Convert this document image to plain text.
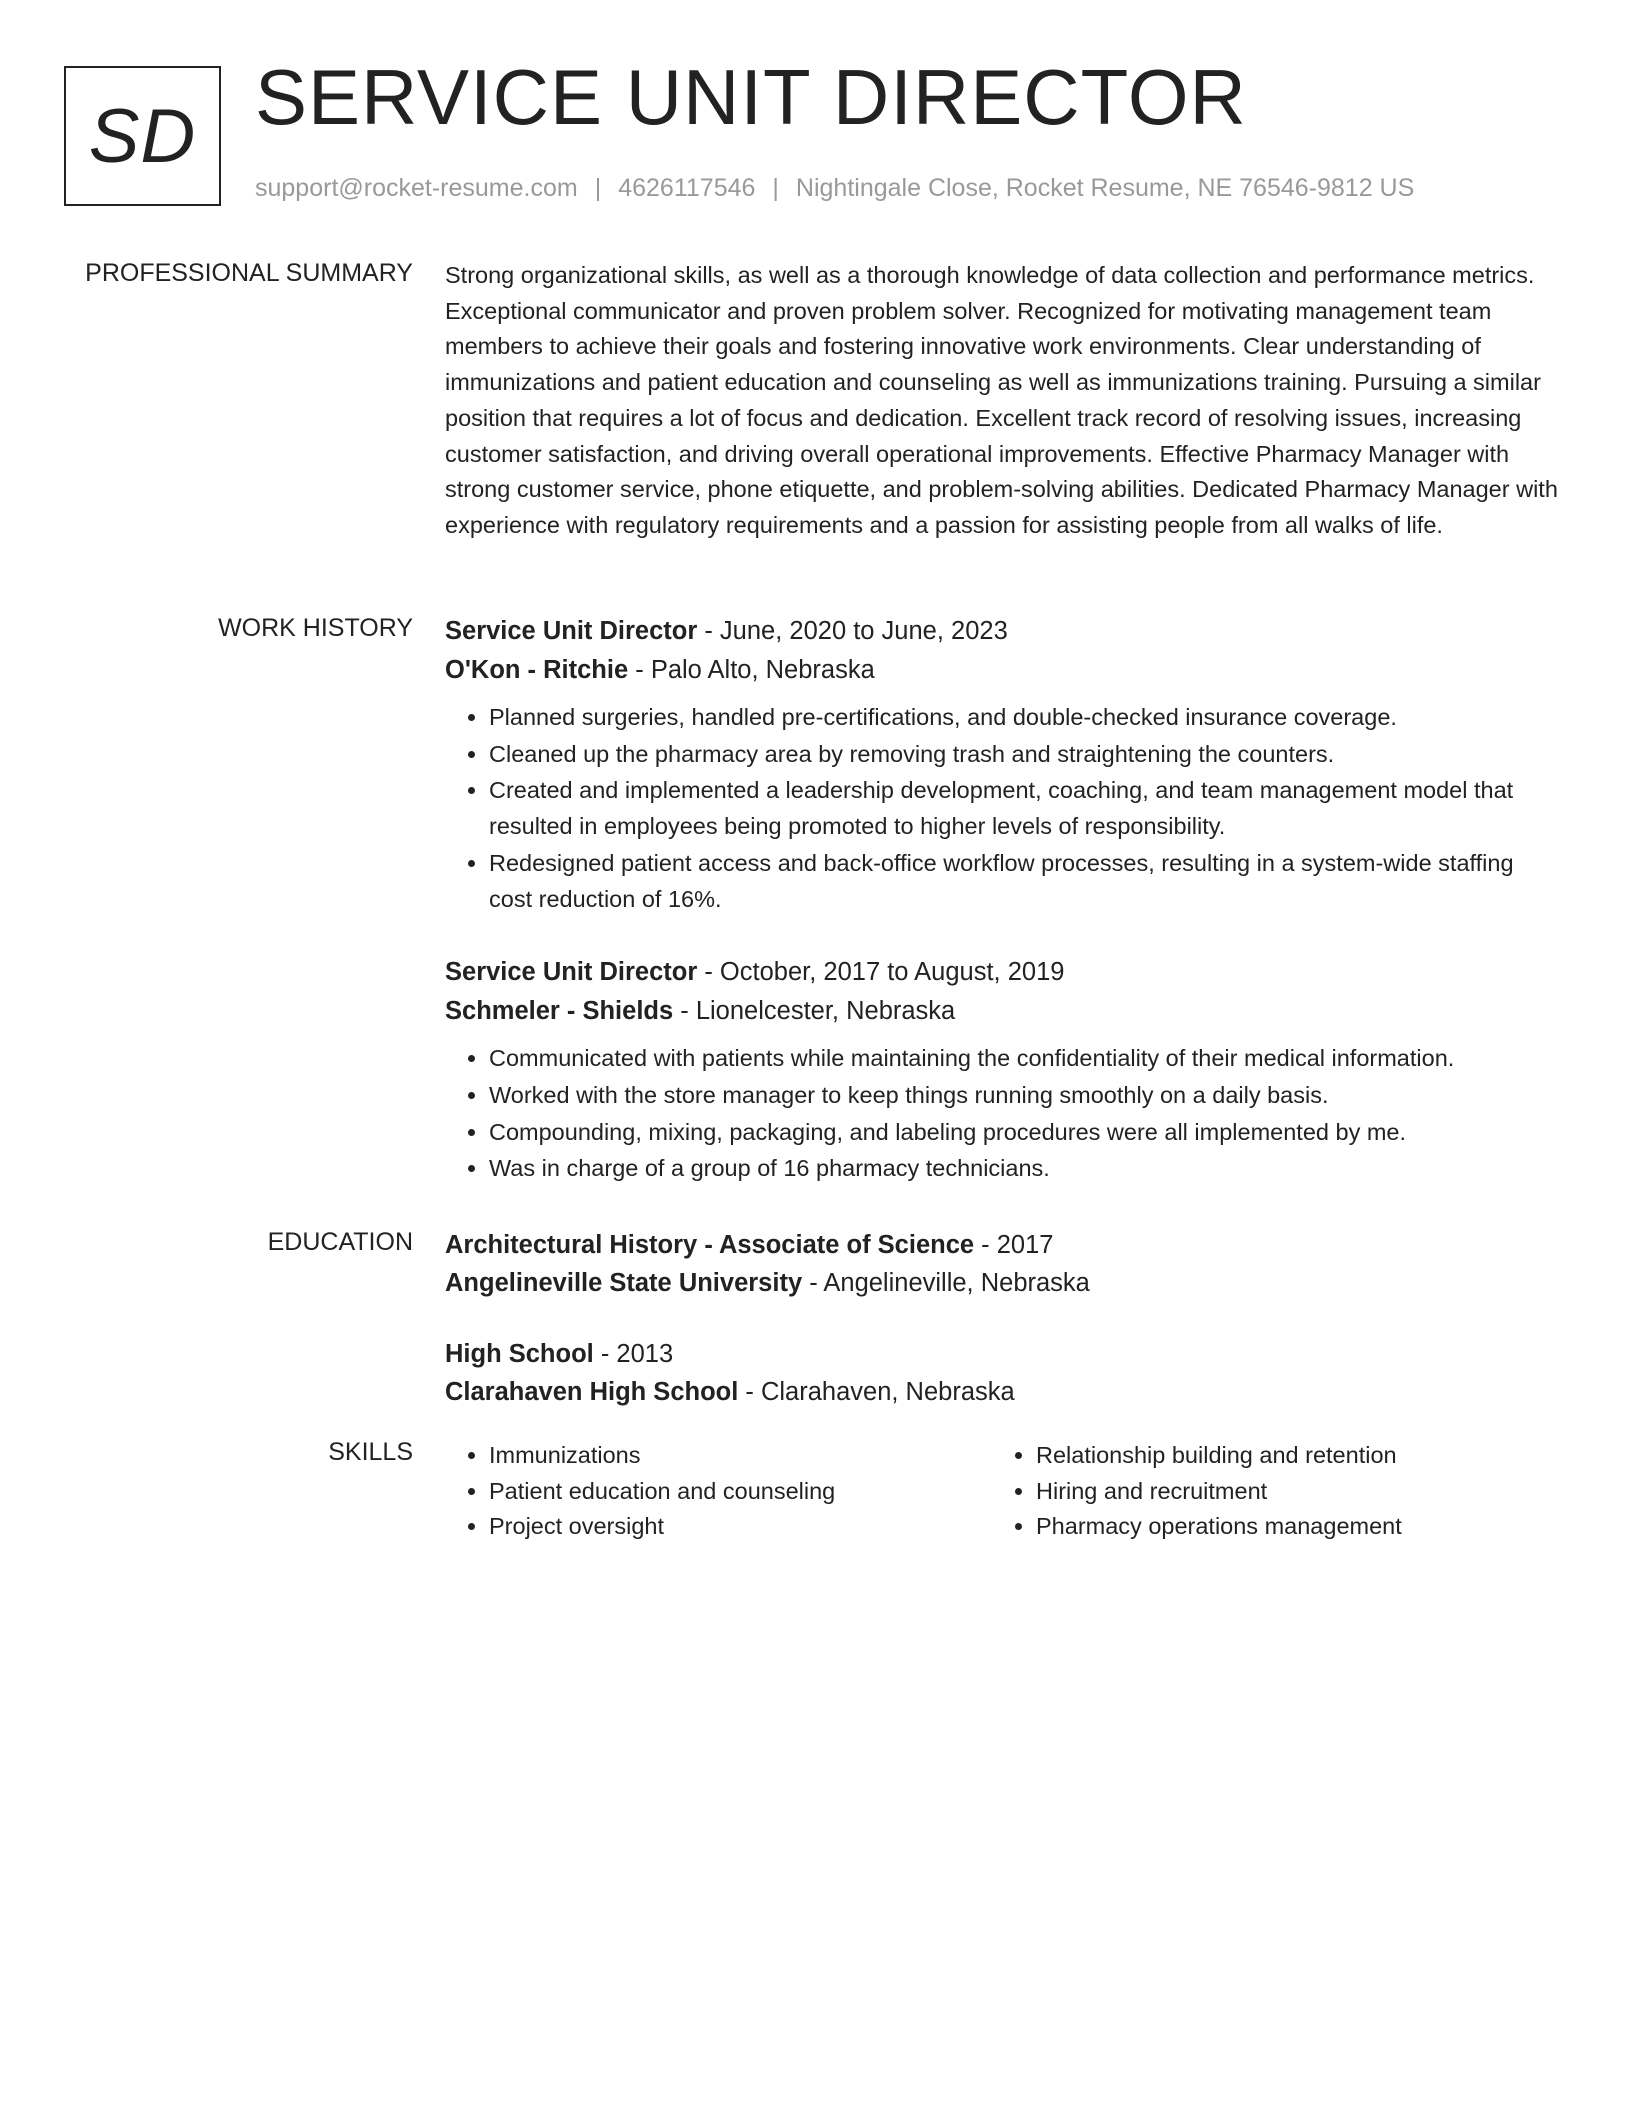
SD SERVICE UNIT DIRECTOR
support@rocket-resume.com | 4626117546 | Nightingale Close, Rocket Resume, NE 76546-9812 US
PROFESSIONAL SUMMARY Strong organizational skills, as well as a thorough knowledge of data collection and performance metrics. Exceptional communicator and proven problem solver. Recognized for motivating management team members to achieve their goals and fostering innovative work environments. Clear understanding of immunizations and patient education and counseling as well as immunizations training. Pursuing a similar position that requires a lot of focus and dedication. Excellent track record of resolving issues, increasing customer satisfaction, and driving overall operational improvements. Effective Pharmacy Manager with strong customer service, phone etiquette, and problem-solving abilities. Dedicated Pharmacy Manager with experience with regulatory requirements and a passion for assisting people from all walks of life.

WORK HISTORY Service Unit Director - June, 2020 to June, 2023

O'Kon - Ritchie - Palo Alto, Nebraska

• Planned surgeries, handled pre-certifications, and double-checked insurance coverage.
• Cleaned up the pharmacy area by removing trash and straightening the counters.
• Created and implemented a leadership development, coaching, and team management model that resulted in employees being promoted to higher levels of responsibility.
• Redesigned patient access and back-office workflow processes, resulting in a system-wide staffing cost reduction of 16%.

Service Unit Director - October, 2017 to August, 2019

Schmeler - Shields - Lionelcester, Nebraska

• Communicated with patients while maintaining the confidentiality of their medical information.
• Worked with the store manager to keep things running smoothly on a daily basis.
• Compounding, mixing, packaging, and labeling procedures were all implemented by me.
• Was in charge of a group of 16 pharmacy technicians.
EDUCATION Architectural History - Associate of Science - 2017
Angelineville State University - Angelineville, Nebraska
High School - 2013
Clarahaven High School - Clarahaven, Nebraska
SKILLS
•	Immunizations
• Patient education and counseling
• Project oversight
• Relationship building and retention
• Hiring and recruitment
• Pharmacy operations management
